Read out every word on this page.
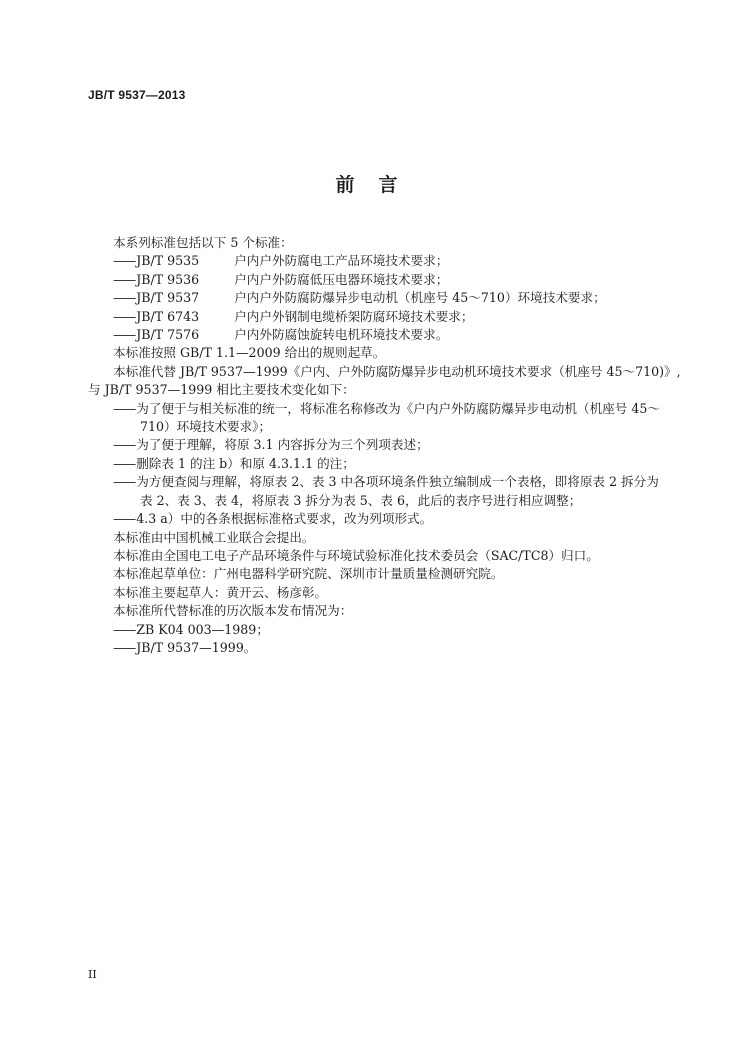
JB/T 9537—2013
前言
本系列标准包括以下 5 个标准：
—— JB/T 9535	户内户外防腐电工产品环境技术要求；
—— JB/T 9536	户内户外防腐低压电器环境技术要求；
—— JB/T 9537	户内户外防腐防爆异步电动机（机座号 45～710）环境技术要求；
—— JB/T 6743	户内户外钢制电缆桥架防腐环境技术要求；
—— JB/T 7576	户内外防腐蚀旋转电机环境技术要求。
本标准按照 GB/T 1.1—2009 给出的规则起草。
本标准代替 JB/T 9537—1999《户内、户外防腐防爆异步电动机环境技术要求（机座号 45～710)》,
与 JB/T 9537—1999 相比主要技术变化如下：
—— 为了便于与相关标准的统一，将标准名称修改为《户内户外防腐防爆异步电动机（机座号 45～
710）环境技术要求》；
—— 为了便于理解，将原 3.1 内容拆分为三个列项表述；
—— 删除表 1 的注 b）和原 4.3.1.1 的注；
—— 为方便查阅与理解，将原表 2、表 3 中各项环境条件独立编制成一个表格，即将原表 2 拆分为
表 2、表 3、表 4，将原表 3 拆分为表 5、表 6，此后的表序号进行相应调整；
—— 4.3 a）中的各条根据标准格式要求，改为列项形式。
本标准由中国机械工业联合会提出。
本标准由全国电工电子产品环境条件与环境试验标准化技术委员会（SAC/TC8）归口。
本标准起草单位：广州电器科学研究院、深圳市计量质量检测研究院。
本标准主要起草人：黄开云、杨彦彰。
本标准所代替标准的历次版本发布情况为：
—— ZB K04 003—1989；
—— JB/T 9537—1999。
II
